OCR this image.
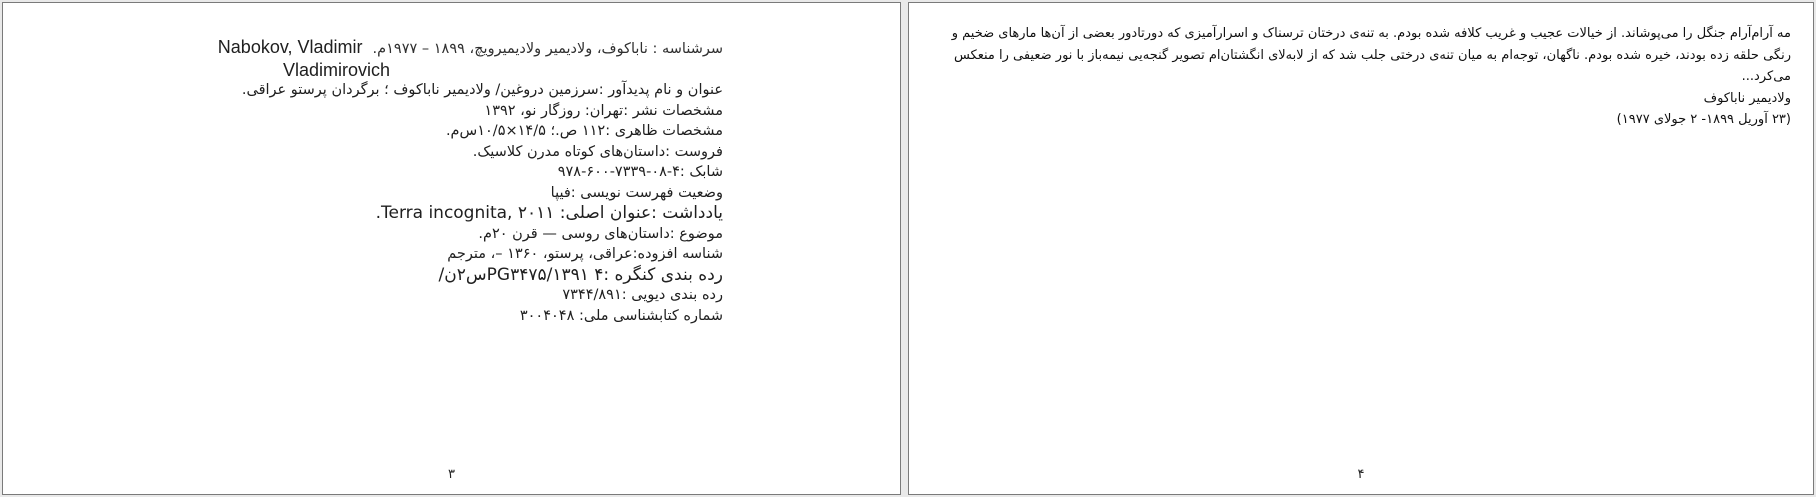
سرشناسه : ناباکوف، ولادیمیر ولادیمیرویچ، ۱۸۹۹ – ۱۹۷۷م.
Nabokov, Vladimir
Vladimirovich
عنوان و نام پدیدآور :سرزمین دروغین/ ولادیمیر ناباکوف ؛ برگردان پرستو عراقی.
مشخصات نشر :تهران: روزگار نو، ۱۳۹۲
مشخصات ظاهری :۱۱۲ ص.؛ ۱۴/۵×۱۰/۵س‌م.
فروست :داستان‌های کوتاه مدرن کلاسیک.
شابک :۴-۰۸-۷۳۳۹-۶۰۰-۹۷۸
وضعیت فهرست نویسی :فیپا
یادداشت :عنوان اصلی: Terra incognita, ۲۰۱۱.
موضوع :داستان‌های روسی — قرن ۲۰م.
شناسه افزوده:عراقی، پرستو، ۱۳۶۰ –، مترجم
رده بندی کنگره :PG۳۴۷۵/۱۳۹۱ ۴س۲ن/
رده بندی دیویی :۷۳۴۴/۸۹۱
شماره کتابشناسی ملی: ۳۰۰۴۰۴۸
۳

مه آرام‌آرام جنگل را می‌پوشاند. از خیالات عجیب و غریب کلافه شده بودم. به تنه‌ی درختان ترسناک و اسرارآمیزی که دورتادور بعضی از آن‌ها مارهای ضخیم و رنگی حلقه زده بودند، خیره شده بودم. ناگهان، توجه‌ام به میان تنه‌ی درختی جلب شد که از لابه‌لای انگشتان‌ام تصویر گنجه‌یی نیمه‌باز با نور ضعیفی را منعکس می‌کرد...

ولادیمیر ناباکوف

(۲۳ آوریل ۱۸۹۹- ۲ جولای ۱۹۷۷)

۴
